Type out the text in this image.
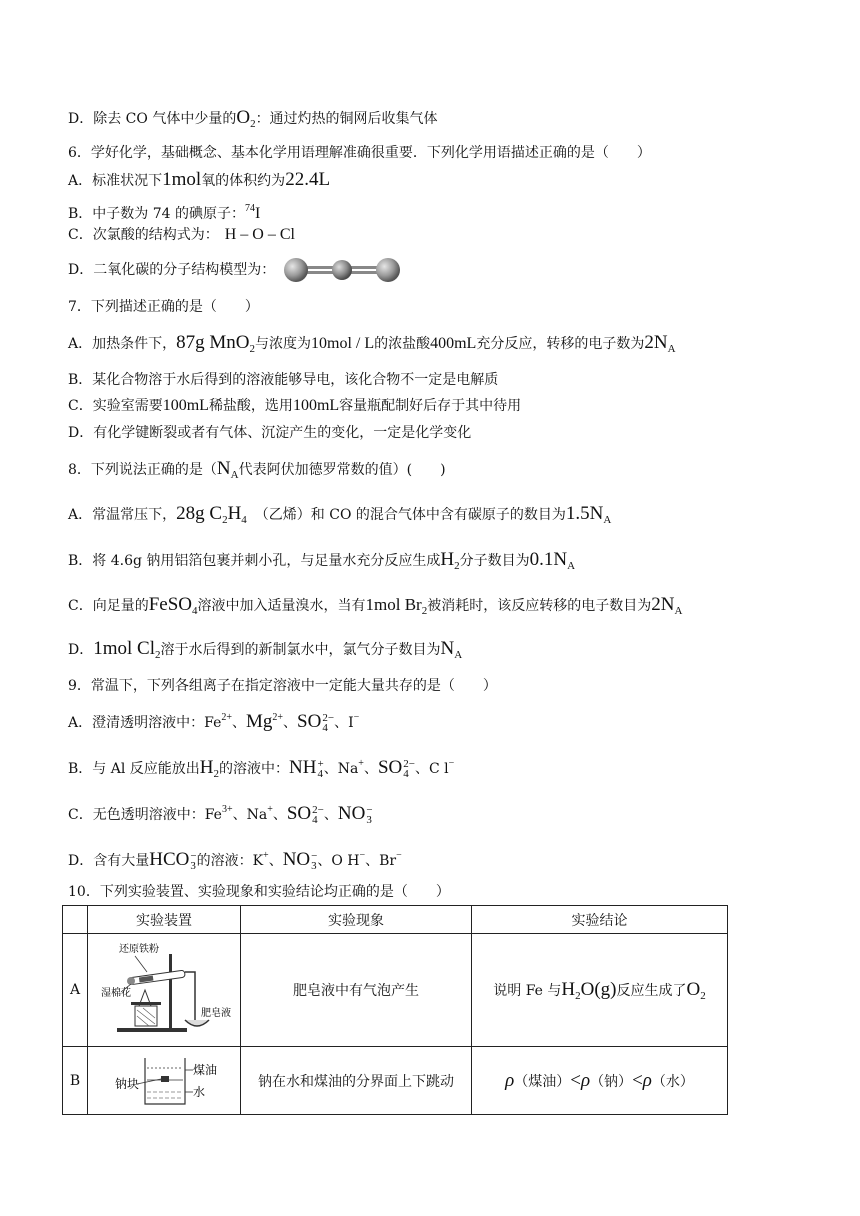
D．除去 CO 气体中少量的$O_2$：通过灼热的铜网后收集气体
6．学好化学，基础概念、基本化学用语理解准确很重要．下列化学用语描述正确的是（　　）
A．标准状况下1mol氧的体积约为22.4L
B．中子数为 74 的碘原子：$^{74}$I
C．次氯酸的结构式为： H – O – Cl
D．二氧化碳的分子结构模型为：
7．下列描述正确的是（　　）
A．加热条件下，87g MnO$_2$与浓度为10mol / L的浓盐酸400mL充分反应，转移的电子数为$2N_A$
B．某化合物溶于水后得到的溶液能够导电，该化合物不一定是电解质
C．实验室需要100mL稀盐酸，选用100mL容量瓶配制好后存于其中待用
D．有化学键断裂或者有气体、沉淀产生的变化，一定是化学变化
8．下列说法正确的是（$N_A$代表阿伏加德罗常数的值）(　　)
A．常温常压下，28g $C_2H_4$ （乙烯）和 CO 的混合气体中含有碳原子的数目为$1.5N_A$
B．将 4.6g 钠用铝箔包裹并刺小孔，与足量水充分反应生成$H_2$分子数目为$0.1N_A$
C．向足量的FeSO$_4$溶液中加入适量溴水，当有1mol $Br_2$被消耗时，该反应转移的电子数目为$2N_A$
D．1mol $Cl_2$溶于水后得到的新制氯水中，氯气分子数目为$N_A$
9．常温下，下列各组离子在指定溶液中一定能大量共存的是（　　）
A．澄清透明溶液中：$Fe^{2+}$、$Mg^{2+}$、SO 2−
4 、I−
B．与 Al 反应能放出$H_2$的溶液中：NH +
4 、Na+、SO 2−
4 、C l−
C．无色透明溶液中：$Fe^{3+}$、Na+、SO 2−
4 、NO −
3
D．含有大量HCO −
3 的溶液：K+、NO −
3 、O H−、Br−
10．下列实验装置、实验现象和实验结论均正确的是（　　）
	实验装置	实验现象	实验结论
A	还原铁粉
湿棉花
肥皂液	肥皂液中有气泡产生	说明 Fe 与$H_2O(g)$反应生成了$O_2$
B	钠块
煤油
水	钠在水和煤油的分界面上下跳动	ρ（煤油）<ρ（钠）<ρ（水）
